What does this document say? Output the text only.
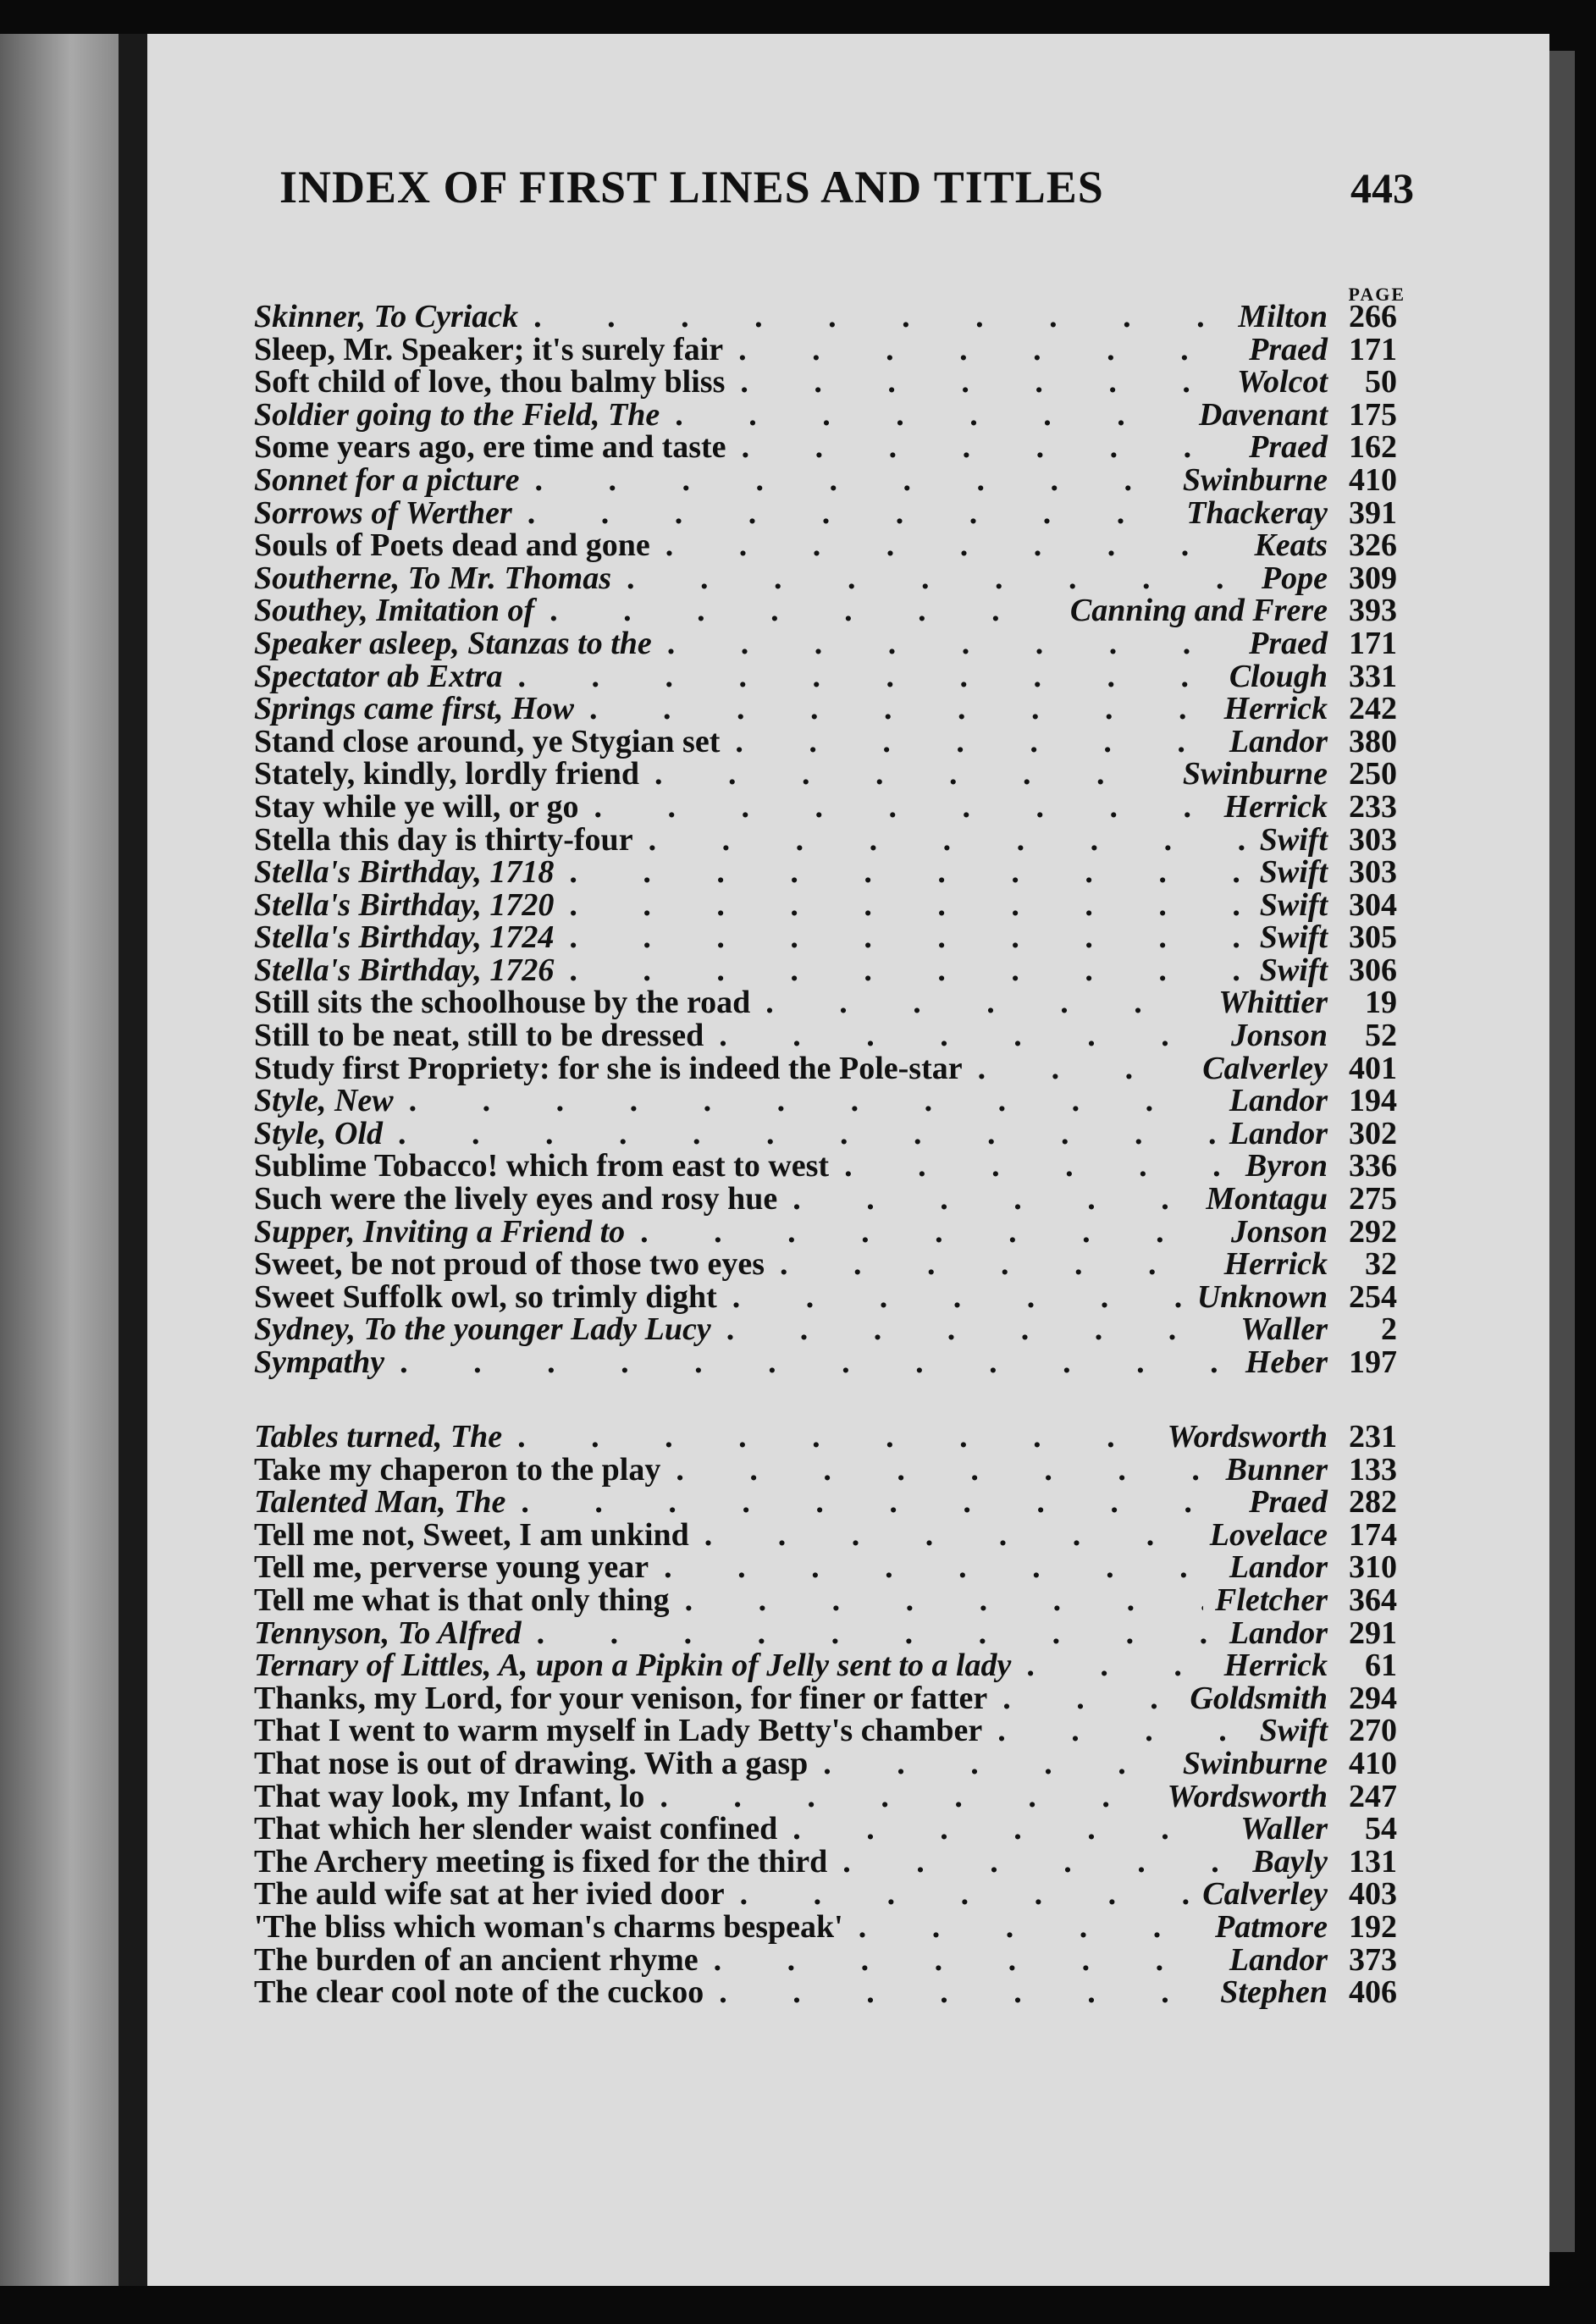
INDEX OF FIRST LINES AND TITLES	443
PAGE
Skinner, To Cyriack . . .	Milton 266
Sleep, Mr. Speaker; it's surely fair . . .	Praed 171
Soft child of love, thou balmy bliss . . .	Wolcot	50
Soldier going to the Field, The . . .	Davenant 175
Some years ago, ere time and taste . . .	Praed 162
Sonnet for a picture . . .	Swinburne 410
Sorrows of Werther . . .	Thackeray 391
Souls of Poets dead and gone . . .	Keats 326
Southerne, To Mr. Thomas . . .	Pope 309
Southey, Imitation of . . .	Canning and Frere 393
Speaker asleep, Stanzas to the . . .	Praed 171
Spectator ab Extra . . .	Clough 331
Springs came first, How . . .	Herrick 242
Stand close around, ye Stygian set . . .	Landor 380
Stately, kindly, lordly friend . . .	Swinburne 250
Stay while ye will, or go . . .	Herrick 233
Stella this day is thirty-four . . .	Swift 303
Stella's Birthday, 1718 . . .	Swift 303
Stella's Birthday, 1720 . . .	Swift 304
Stella's Birthday, 1724 . . .	Swift 305
Stella's Birthday, 1726 . . .	Swift 306
Still sits the schoolhouse by the road . . .	Whittier	19
Still to be neat, still to be dressed . . .	Jonson	52
Study first Propriety: for she is indeed the Pole-star . . .	Calverley 401
Style, New . . .	Landor 194
Style, Old . . .	Landor 302
Sublime Tobacco! which from east to west . . .	Byron 336
Such were the lively eyes and rosy hue . . .	Montagu 275
Supper, Inviting a Friend to . . .	Jonson 292
Sweet, be not proud of those two eyes . . .	Herrick	32
Sweet Suffolk owl, so trimly dight . . .	Unknown 254
Sydney, To the younger Lady Lucy . . .	Waller	2
Sympathy . . .	Heber 197
Tables turned, The . . .	Wordsworth 231
Take my chaperon to the play . . .	Bunner 133
Talented Man, The . . .	Praed 282
Tell me not, Sweet, I am unkind . . .	Lovelace 174
Tell me, perverse young year . . .	Landor 310
Tell me what is that only thing . . .	Fletcher 364
Tennyson, To Alfred . . .	Landor 291
Ternary of Littles, A, upon a Pipkin of Jelly sent to a lady . . .	Herrick	61
Thanks, my Lord, for your venison, for finer or fatter . . .	Goldsmith 294
That I went to warm myself in Lady Betty's chamber . . .	Swift 270
That nose is out of drawing. With a gasp . . .	Swinburne 410
That way look, my Infant, lo . . .	Wordsworth 247
That which her slender waist confined . . .	Waller	54
The Archery meeting is fixed for the third . . .	Bayly 131
The auld wife sat at her ivied door . . .	Calverley 403
'The bliss which woman's charms bespeak' . . .	Patmore 192
The burden of an ancient rhyme . . .	Landor 373
The clear cool note of the cuckoo . . .	Stephen 406
